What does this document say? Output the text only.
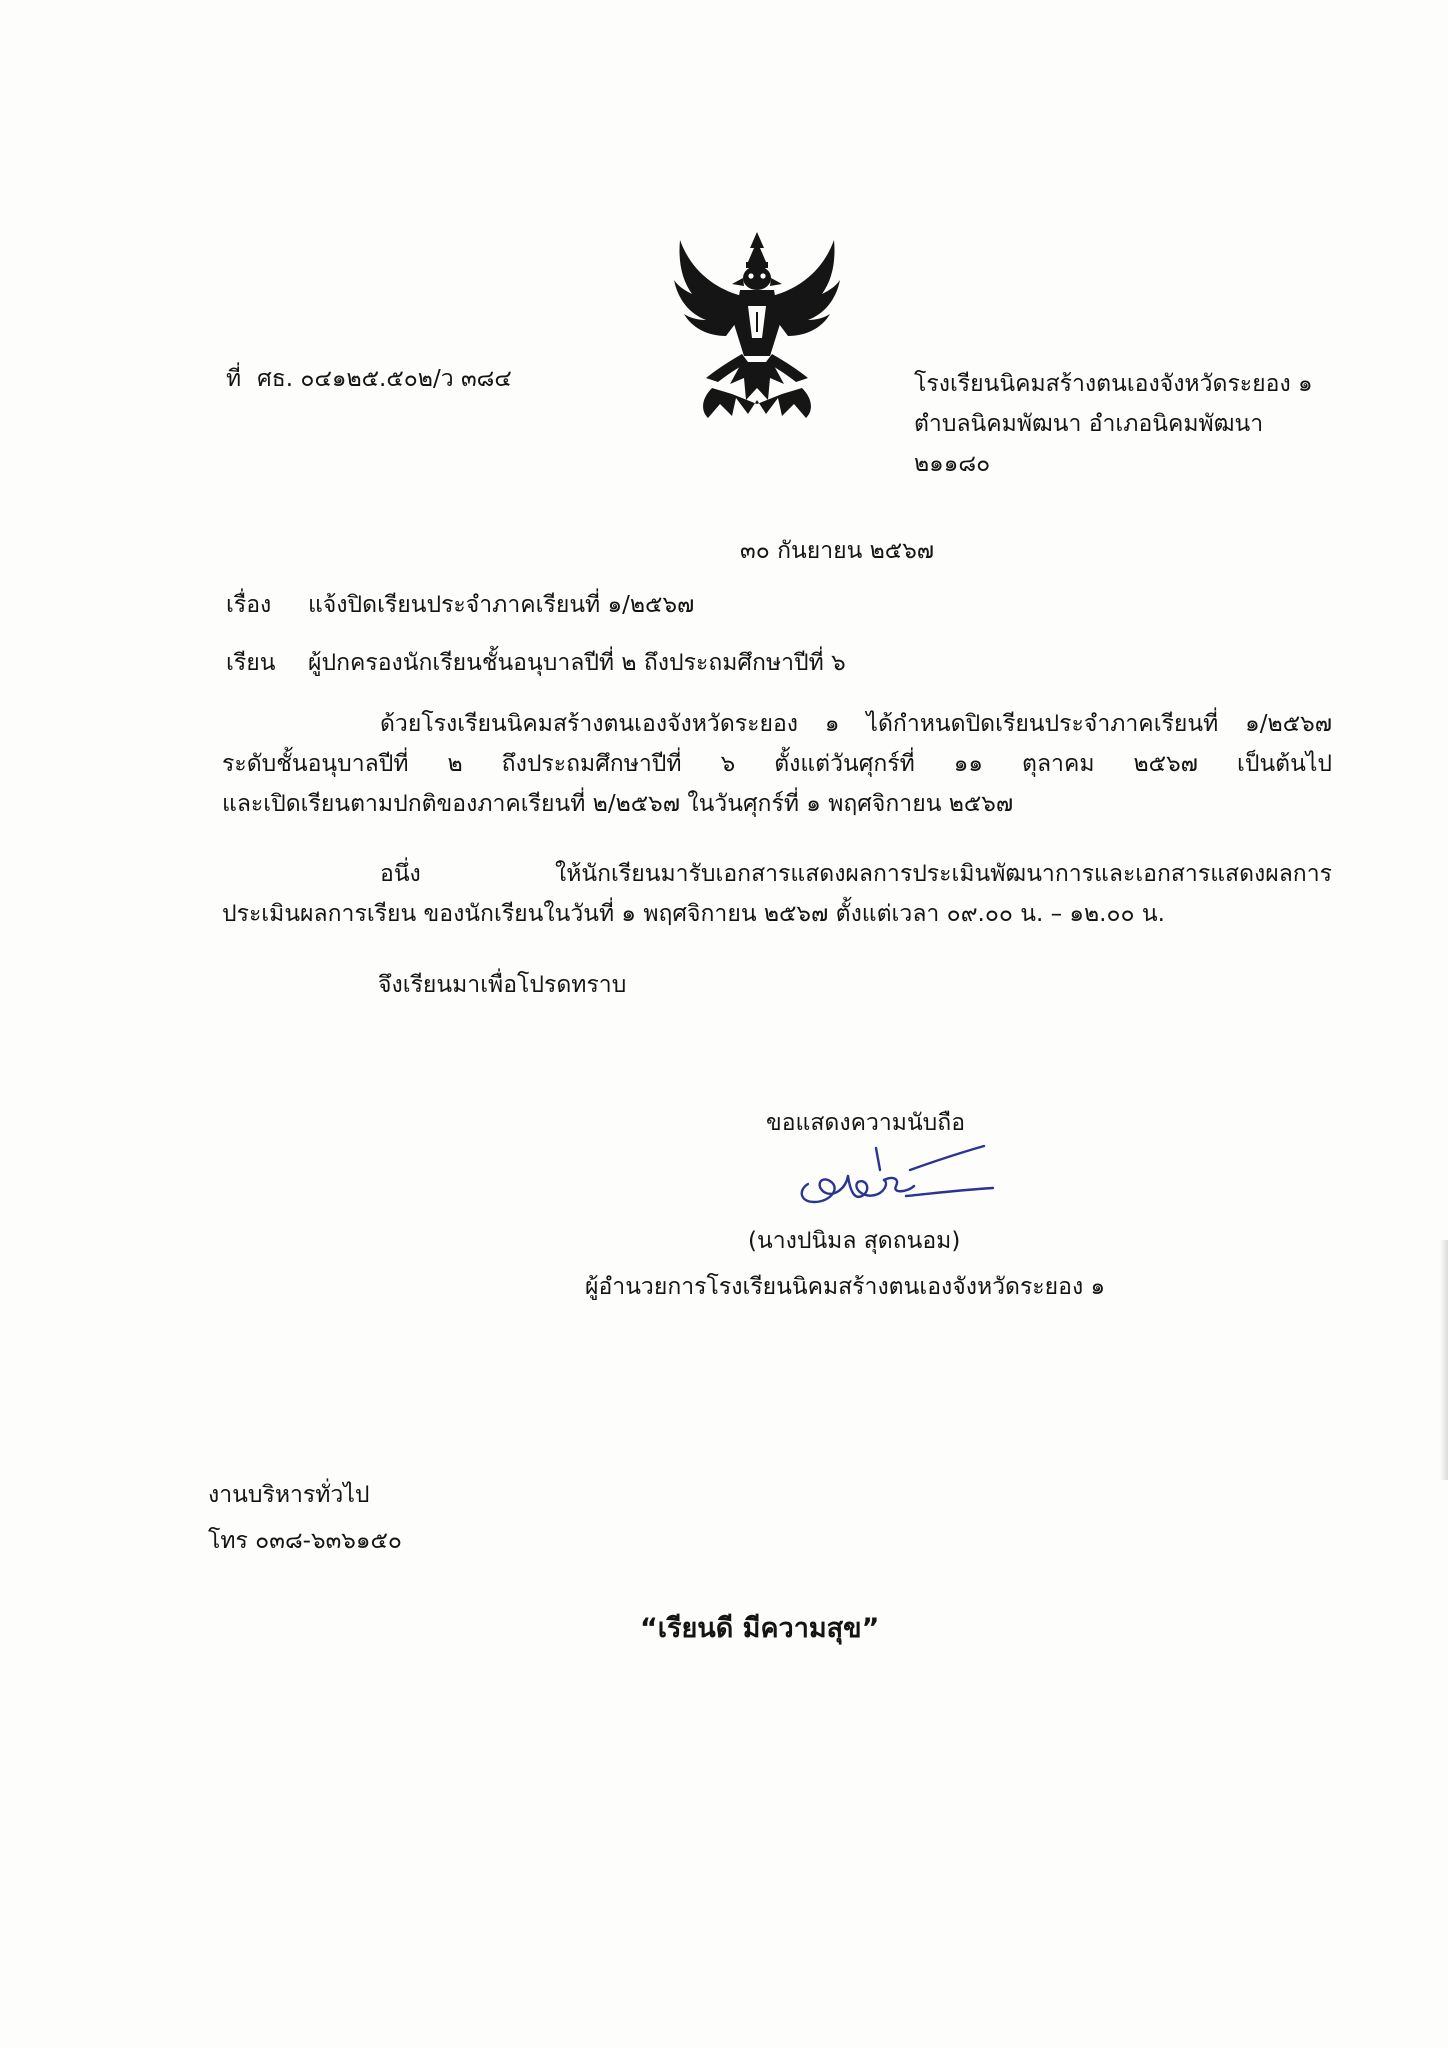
ที่ ศธ. ๐๔๑๒๕.๕๐๒/ว ๓๘๔	โรงเรียนนิคมสร้างตนเองจังหวัดระยอง ๑
ตำบลนิคมพัฒนา อำเภอนิคมพัฒนา
๒๑๑๘๐
๓๐ กันยายน ๒๕๖๗
เรื่อง แจ้งปิดเรียนประจำภาคเรียนที่ ๑/๒๕๖๗
เรียน ผู้ปกครองนักเรียนชั้นอนุบาลปีที่ ๒ ถึงประถมศึกษาปีที่ ๖
ด้วยโรงเรียนนิคมสร้างตนเองจังหวัดระยอง ๑ ได้กำหนดปิดเรียนประจำภาคเรียนที่ ๑/๒๕๖๗
ระดับชั้นอนุบาลปีที่ ๒ ถึงประถมศึกษาปีที่ ๖ ตั้งแต่วันศุกร์ที่ ๑๑ ตุลาคม ๒๕๖๗ เป็นต้นไป
และเปิดเรียนตามปกติของภาคเรียนที่ ๒/๒๕๖๗ ในวันศุกร์ที่ ๑ พฤศจิกายน ๒๕๖๗
อนึ่ง ให้นักเรียนมารับเอกสารแสดงผลการประเมินพัฒนาการและเอกสารแสดงผลการ
ประเมินผลการเรียน ของนักเรียนในวันที่ ๑ พฤศจิกายน ๒๕๖๗ ตั้งแต่เวลา ๐๙.๐๐ น. – ๑๒.๐๐ น.
จึงเรียนมาเพื่อโปรดทราบ
ขอแสดงความนับถือ
(นางปนิมล สุดถนอม)
ผู้อำนวยการโรงเรียนนิคมสร้างตนเองจังหวัดระยอง ๑
งานบริหารทั่วไป
โทร ๐๓๘-๖๓๖๑๕๐
“เรียนดี มีความสุข”
